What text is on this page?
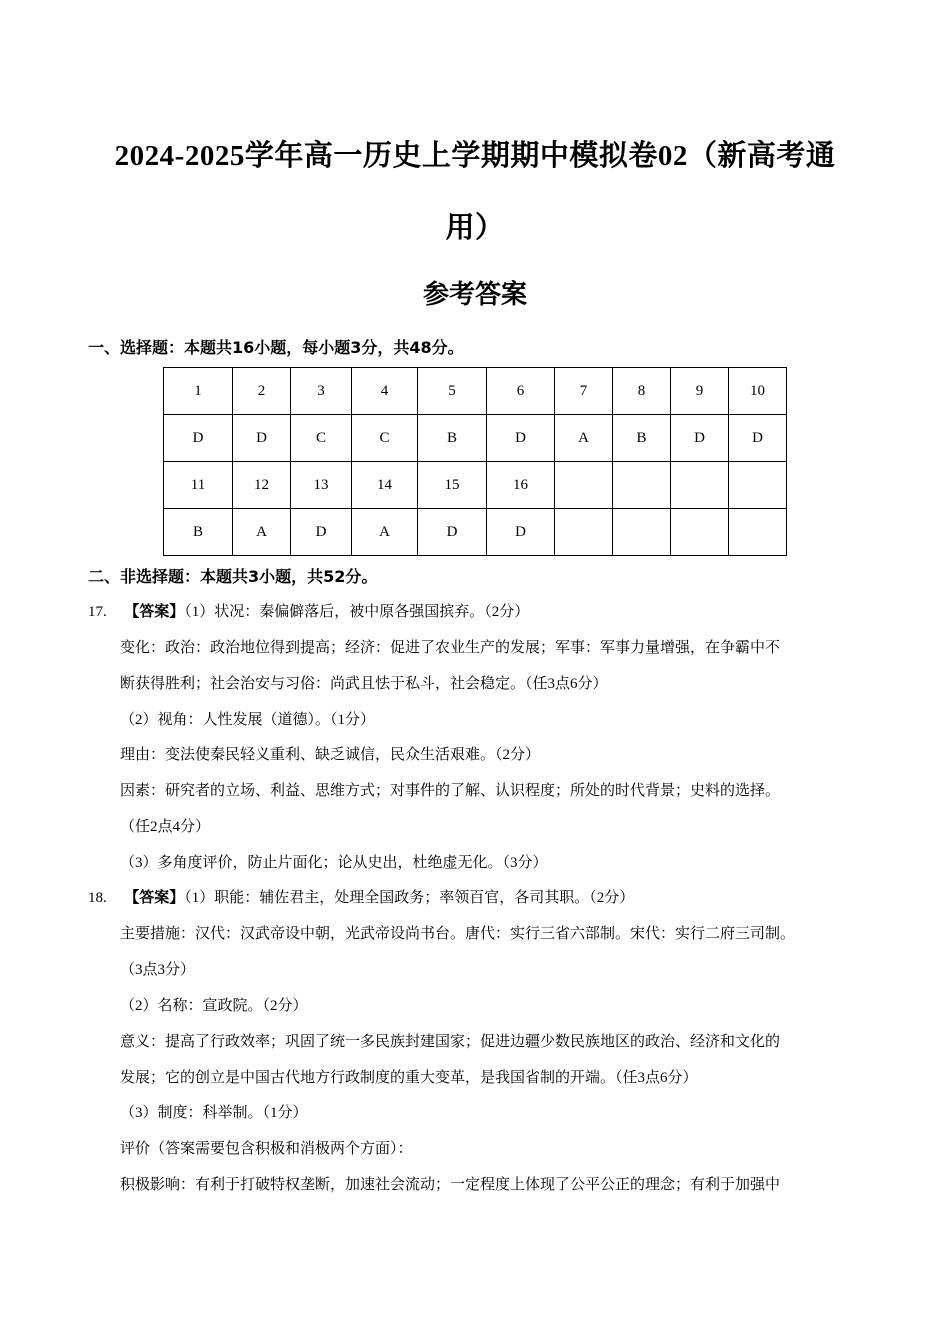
2024-2025学年高一历史上学期期中模拟卷02（新高考通
用）
参考答案
一、选择题：本题共16小题，每小题3分，共48分。
1	2	3	4	5	6	7	8	9	10
D	D	C	C	B	D	A	B	D	D
11	12	13	14	15	16				
B	A	D	A	D	D				
二、非选择题：本题共3小题，共52分。
17. 【答案】（1）状况：秦偏僻落后，被中原各强国摈弃。（2分）
变化：政治：政治地位得到提高；经济：促进了农业生产的发展；军事：军事力量增强，在争霸中不
断获得胜利；社会治安与习俗：尚武且怯于私斗，社会稳定。（任3点6分）
（2）视角：人性发展（道德）。（1分）
理由：变法使秦民轻义重利、缺乏诚信，民众生活艰难。（2分）
因素：研究者的立场、利益、思维方式；对事件的了解、认识程度；所处的时代背景；史料的选择。
（任2点4分）
（3）多角度评价，防止片面化；论从史出，杜绝虚无化。（3分）
18. 【答案】（1）职能：辅佐君主，处理全国政务；率领百官，各司其职。（2分）
主要措施：汉代：汉武帝设中朝，光武帝设尚书台。唐代：实行三省六部制。宋代：实行二府三司制。
（3点3分）
（2）名称：宣政院。（2分）
意义：提高了行政效率；巩固了统一多民族封建国家；促进边疆少数民族地区的政治、经济和文化的
发展；它的创立是中国古代地方行政制度的重大变革，是我国省制的开端。（任3点6分）
（3）制度：科举制。（1分）
评价（答案需要包含积极和消极两个方面）：
积极影响：有利于打破特权垄断，加速社会流动；一定程度上体现了公平公正的理念；有利于加强中
